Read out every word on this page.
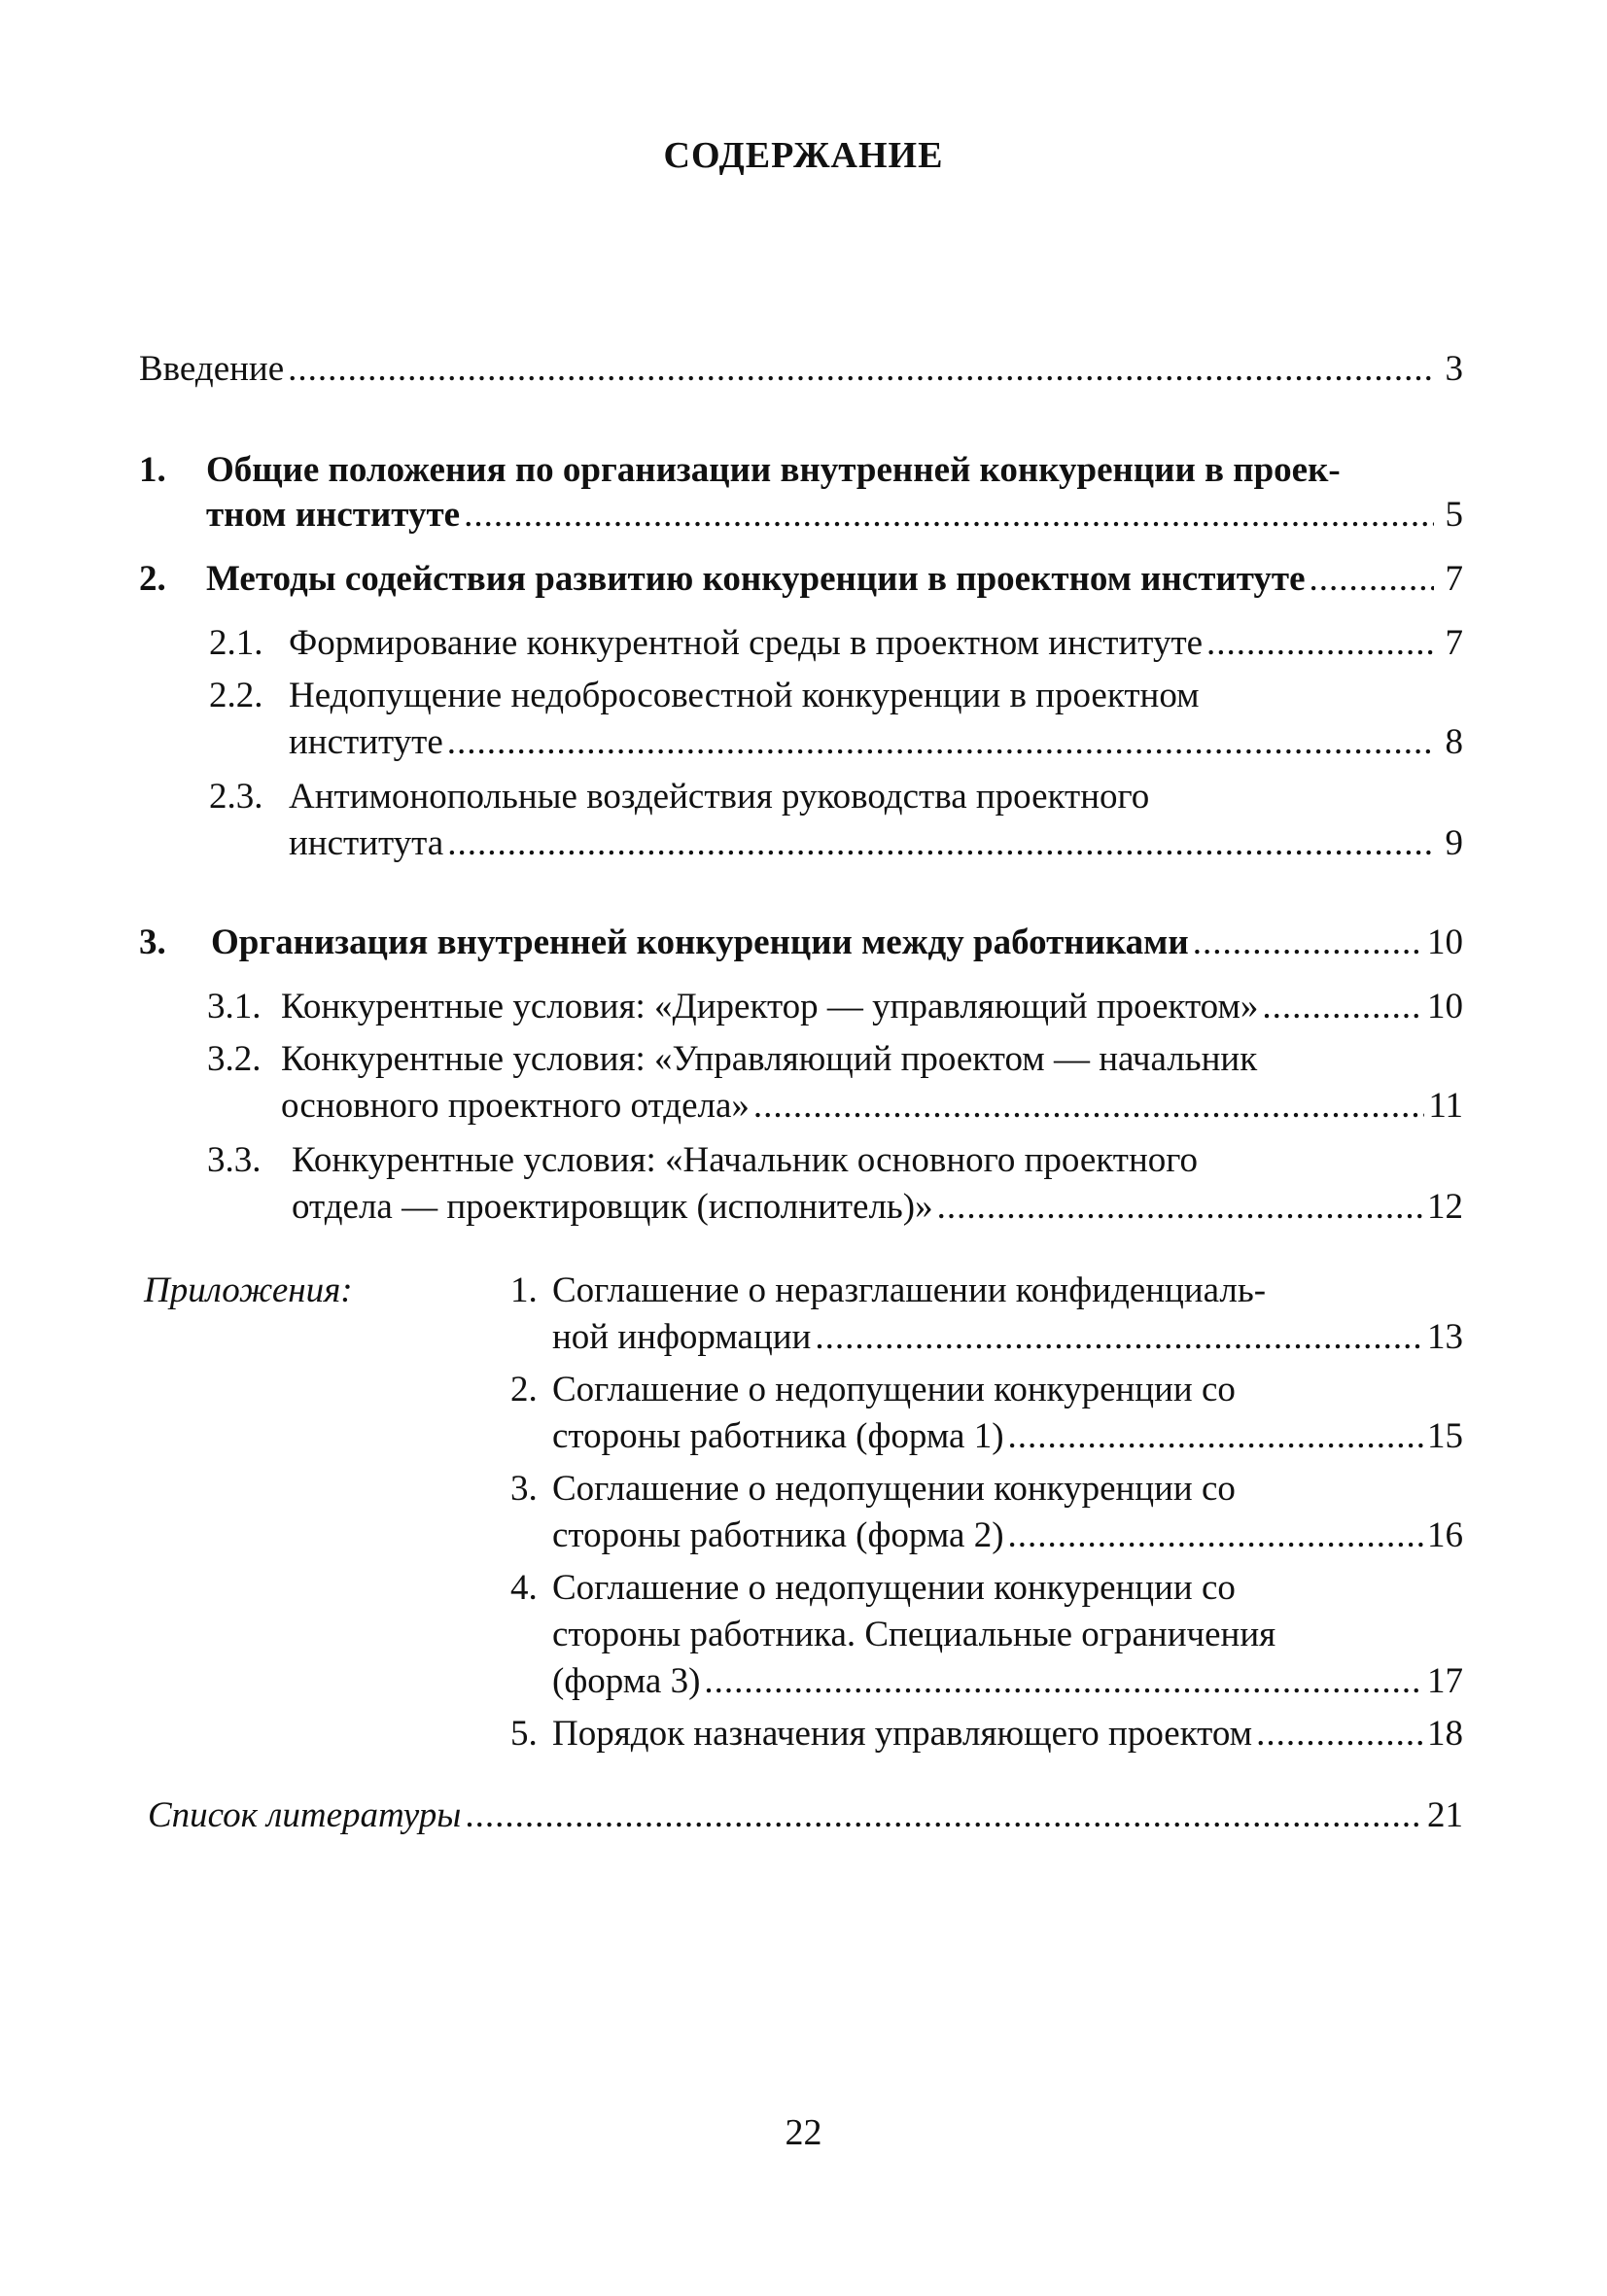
СОДЕРЖАНИЕ
Введение .....	3
1. Общие положения по организации внутренней конкуренции в проек-
тном институте .....	5
2. Методы содействия развитию конкуренции в проектном институте .....	7
2.1. Формирование конкурентной среды в проектном институте .....	7
2.2. Недопущение недобросовестной конкуренции в проектном
институте .....	8
2.3. Антимонопольные воздействия руководства проектного
института .....	9
3. Организация внутренней конкуренции между работниками .....	10
3.1. Конкурентные условия: «Директор — управляющий проектом» .....	10
3.2. Конкурентные условия: «Управляющий проектом — начальник
основного проектного отдела» .....	11
3.3. Конкурентные условия: «Начальник основного проектного
отдела — проектировщик (исполнитель)» .....	12
Приложения:	1. Соглашение о неразглашении конфиденциаль-
ной информации .....	13
2. Соглашение о недопущении конкуренции со
стороны работника (форма 1) .....	15
3. Соглашение о недопущении конкуренции со
стороны работника (форма 2) .....	16
4. Соглашение о недопущении конкуренции со
стороны работника. Специальные ограничения
(форма 3) .....	17
5. Порядок назначения управляющего проектом .....	18
Список литературы .....	21
22
